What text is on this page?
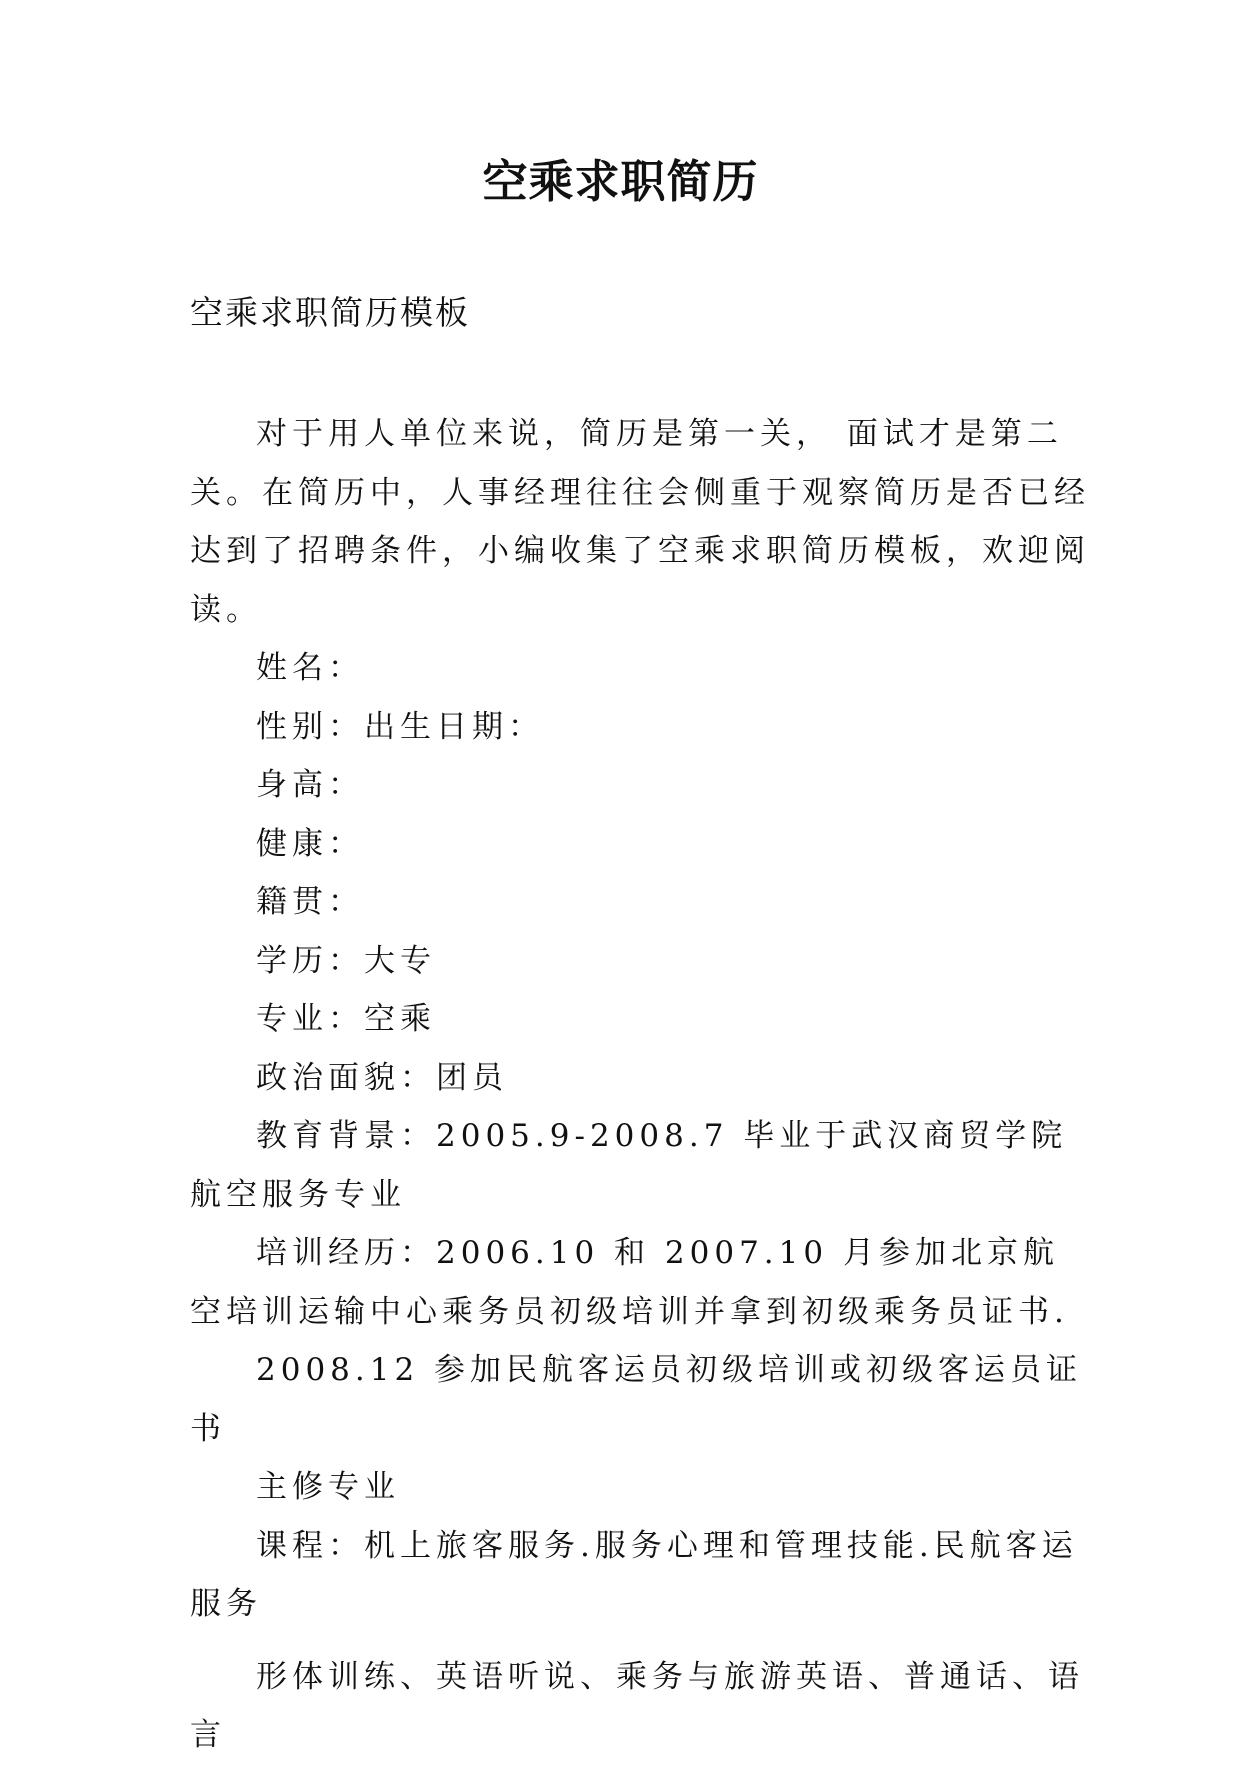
空乘求职简历
空乘求职简历模板

对于用人单位来说，简历是第一关， 面试才是第二关。在简历中，人事经理往往会侧重于观察简历是否已经达到了招聘条件，小编收集了空乘求职简历模板，欢迎阅读。

姓名：

性别：出生日期：

身高：

健康：

籍贯：

学历：大专

专业：空乘

政治面貌：团员

教育背景：2005.9-2008.7 毕业于武汉商贸学院航空服务专业

培训经历：2006.10 和 2007.10 月参加北京航空培训运输中心乘务员初级培训并拿到初级乘务员证书.

2008.12 参加民航客运员初级培训或初级客运员证书

主修专业

课程：机上旅客服务.服务心理和管理技能.民航客运服务

形体训练、英语听说、乘务与旅游英语、普通话、语言
